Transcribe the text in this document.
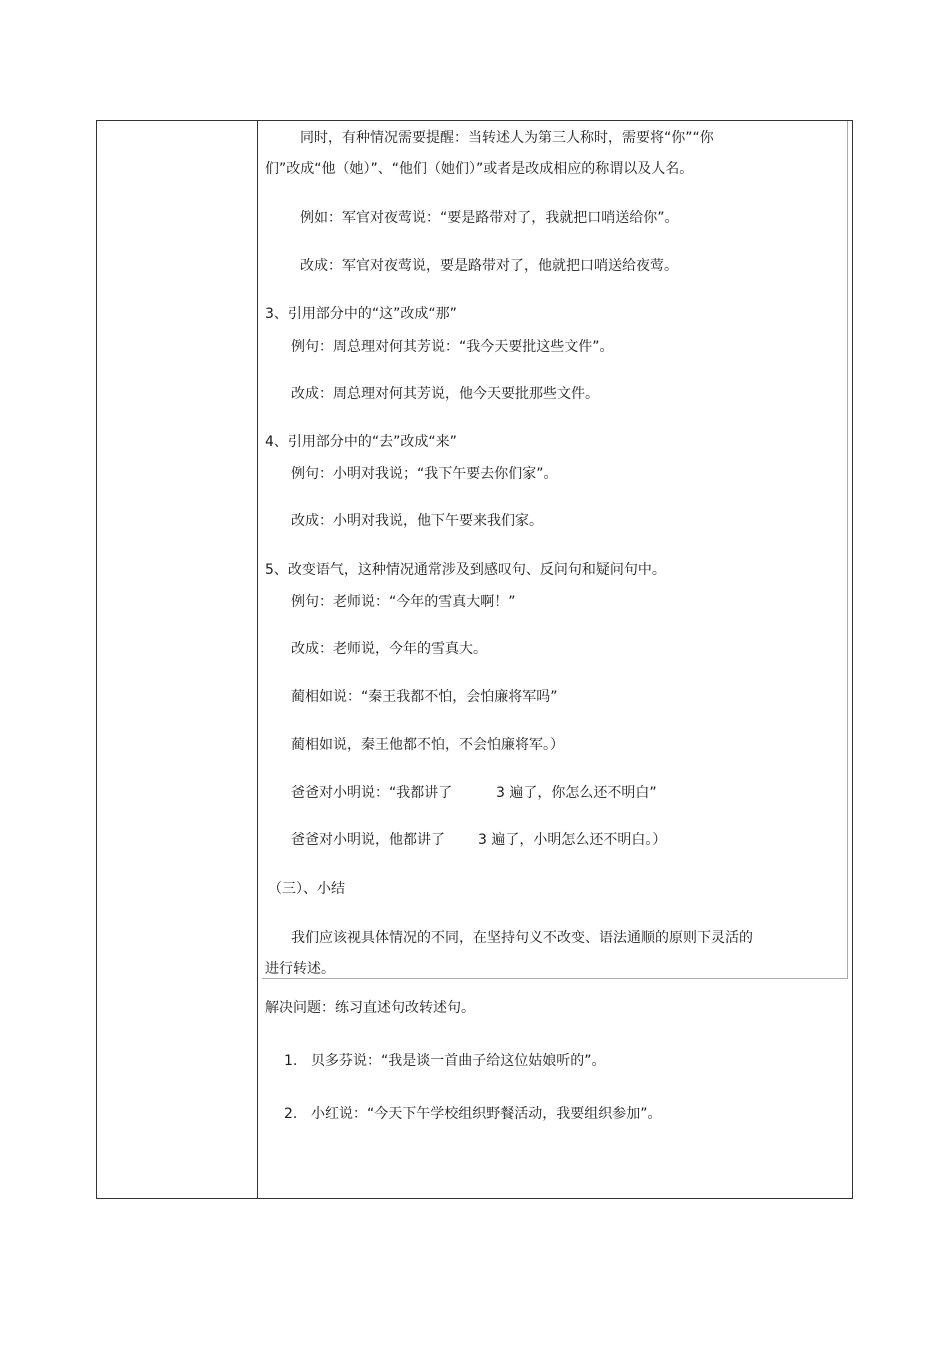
同时，有种情况需要提醒：当转述人为第三人称时，需要将“你”“你
们”改成“他（她）”、“他们（她们）”或者是改成相应的称谓以及人名。
例如：军官对夜莺说：“要是路带对了，我就把口哨送给你”。
改成：军官对夜莺说，要是路带对了，他就把口哨送给夜莺。
3、引用部分中的“这”改成“那”
例句：周总理对何其芳说：“我今天要批这些文件”。
改成：周总理对何其芳说，他今天要批那些文件。
4、引用部分中的“去”改成“来”
例句：小明对我说；“我下午要去你们家”。
改成：小明对我说，他下午要来我们家。
5、改变语气，这种情况通常涉及到感叹句、反问句和疑问句中。
例句：老师说：“今年的雪真大啊！”
改成：老师说，今年的雪真大。
蔺相如说：“秦王我都不怕，会怕廉将军吗”
蔺相如说，秦王他都不怕，不会怕廉将军。）
爸爸对小明说：“我都讲了	3 遍了，你怎么还不明白”
爸爸对小明说，他都讲了 3 遍了，小明怎么还不明白。）
（三）、小结
我们应该视具体情况的不同，在坚持句义不改变、语法通顺的原则下灵活的
进行转述。
解决问题：练习直述句改转述句。
1. 贝多芬说：“我是谈一首曲子给这位姑娘听的”。
2. 小红说：“今天下午学校组织野餐活动，我要组织参加”。
